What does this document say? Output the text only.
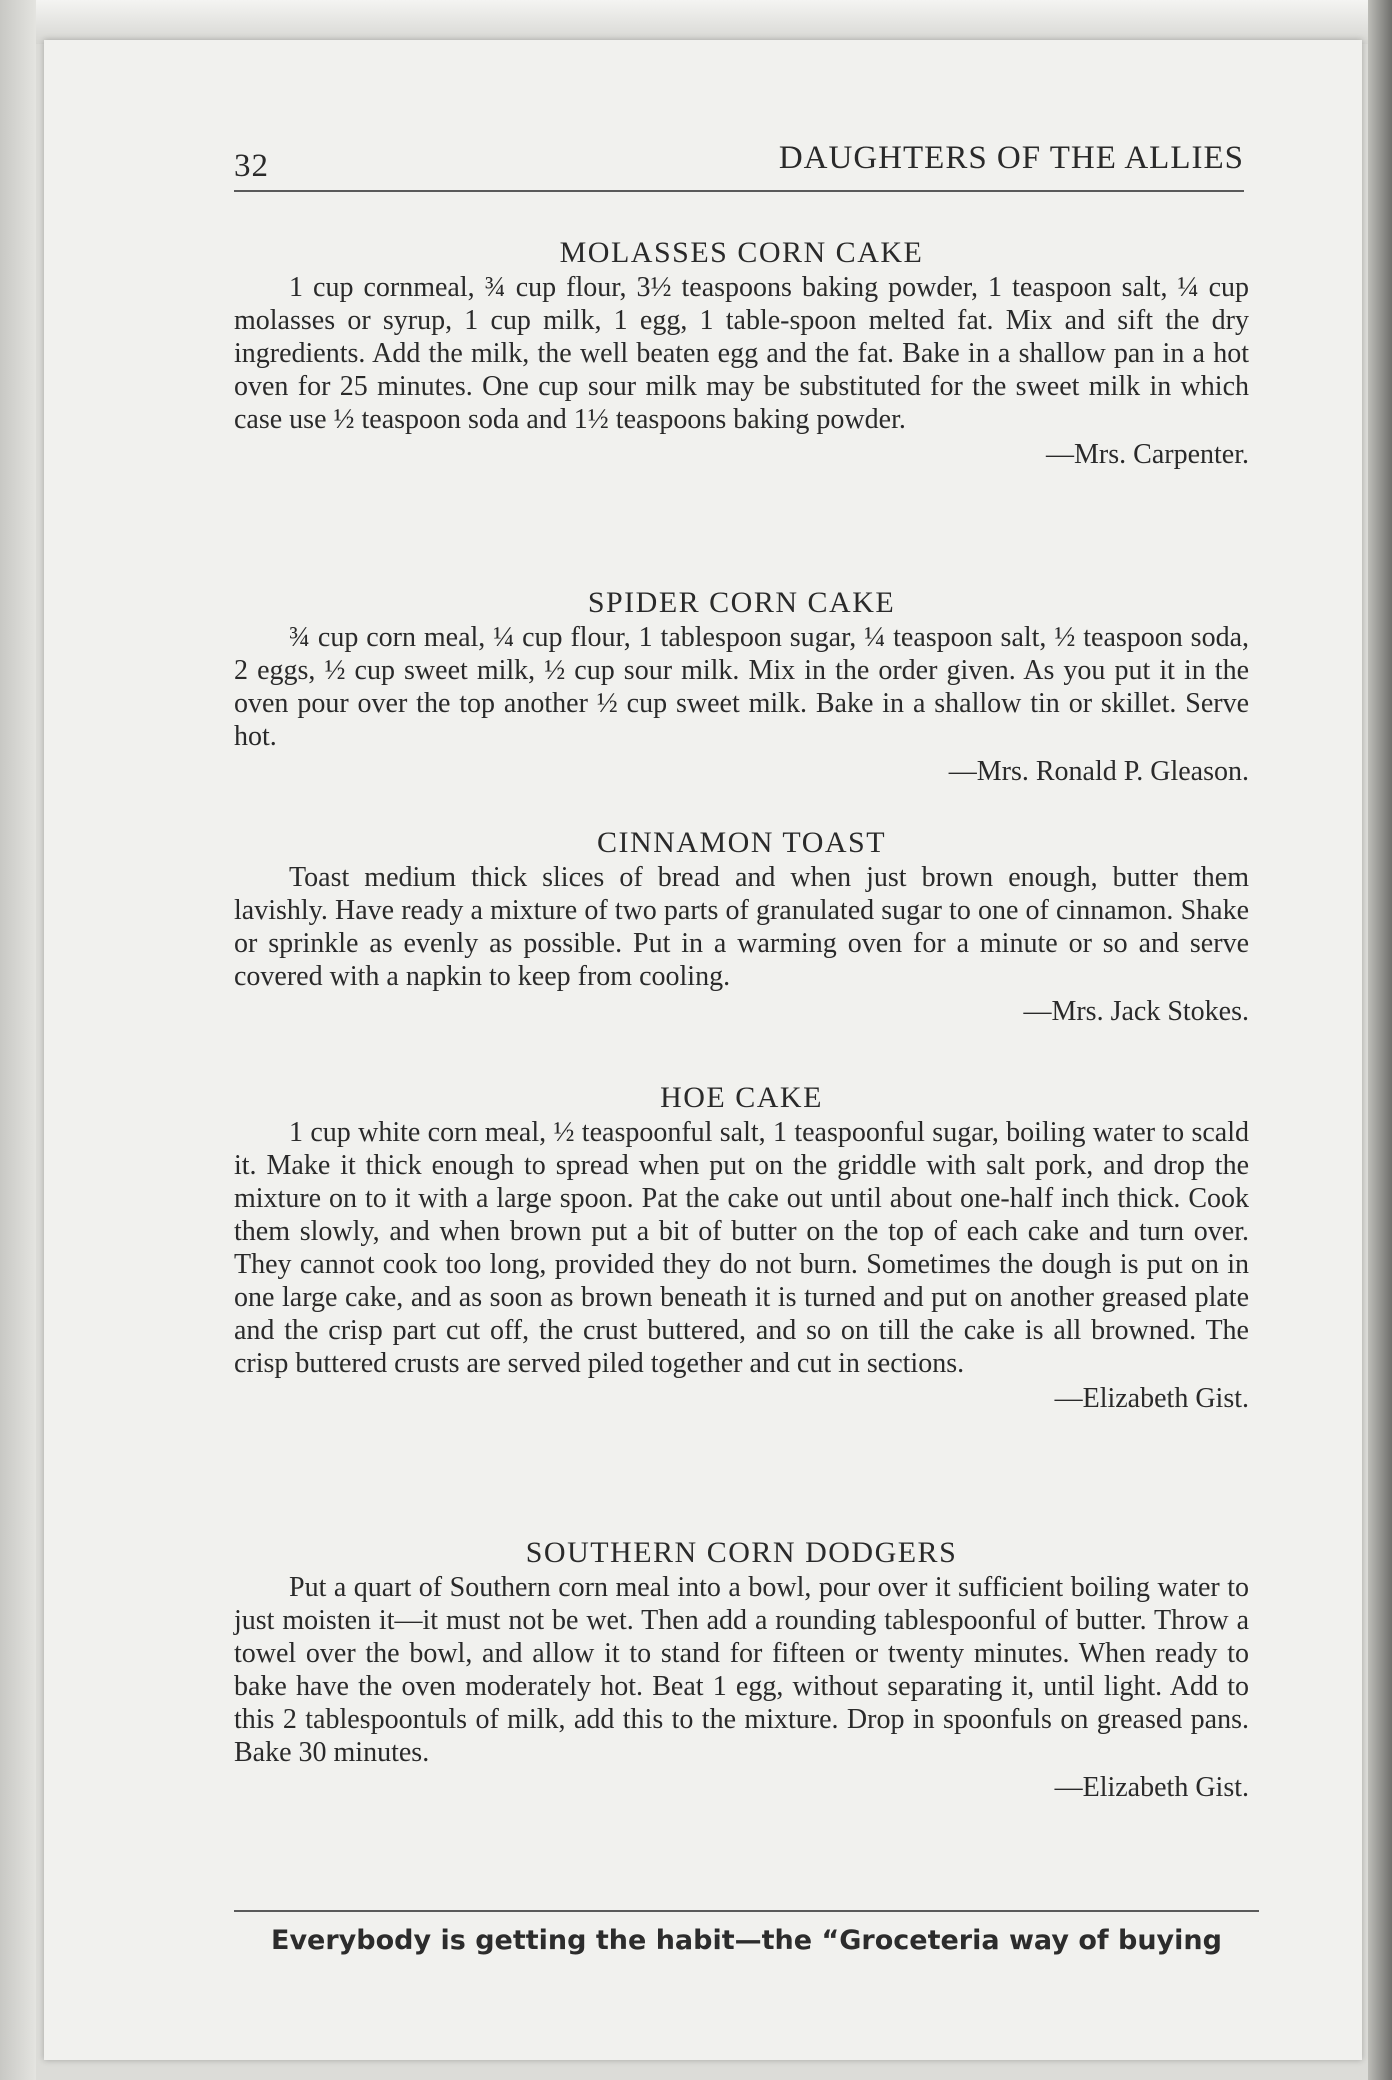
32	DAUGHTERS OF THE ALLIES
MOLASSES CORN CAKE

1 cup cornmeal, ¾ cup flour, 3½ teaspoons baking powder, 1 teaspoon salt, ¼ cup molasses or syrup, 1 cup milk, 1 egg, 1 table-spoon melted fat. Mix and sift the dry ingredients. Add the milk, the well beaten egg and the fat. Bake in a shallow pan in a hot oven for 25 minutes. One cup sour milk may be substituted for the sweet milk in which case use ½ teaspoon soda and 1½ teaspoons baking powder.

—Mrs. Carpenter.
SPIDER CORN CAKE

¾ cup corn meal, ¼ cup flour, 1 tablespoon sugar, ¼ teaspoon salt, ½ teaspoon soda, 2 eggs, ½ cup sweet milk, ½ cup sour milk. Mix in the order given. As you put it in the oven pour over the top another ½ cup sweet milk. Bake in a shallow tin or skillet. Serve hot.

—Mrs. Ronald P. Gleason.
CINNAMON TOAST

Toast medium thick slices of bread and when just brown enough, butter them lavishly. Have ready a mixture of two parts of granulated sugar to one of cinnamon. Shake or sprinkle as evenly as possible. Put in a warming oven for a minute or so and serve covered with a napkin to keep from cooling.

—Mrs. Jack Stokes.
HOE CAKE

1 cup white corn meal, ½ teaspoonful salt, 1 teaspoonful sugar, boiling water to scald it. Make it thick enough to spread when put on the griddle with salt pork, and drop the mixture on to it with a large spoon. Pat the cake out until about one-half inch thick. Cook them slowly, and when brown put a bit of butter on the top of each cake and turn over. They cannot cook too long, provided they do not burn. Sometimes the dough is put on in one large cake, and as soon as brown beneath it is turned and put on another greased plate and the crisp part cut off, the crust buttered, and so on till the cake is all browned. The crisp buttered crusts are served piled together and cut in sections.

—Elizabeth Gist.
SOUTHERN CORN DODGERS

Put a quart of Southern corn meal into a bowl, pour over it sufficient boiling water to just moisten it—it must not be wet. Then add a rounding tablespoonful of butter. Throw a towel over the bowl, and allow it to stand for fifteen or twenty minutes. When ready to bake have the oven moderately hot. Beat 1 egg, without separating it, until light. Add to this 2 tablespoontuls of milk, add this to the mixture. Drop in spoonfuls on greased pans. Bake 30 minutes.

—Elizabeth Gist.
Everybody is getting the habit—the “Groceteria way of buying
